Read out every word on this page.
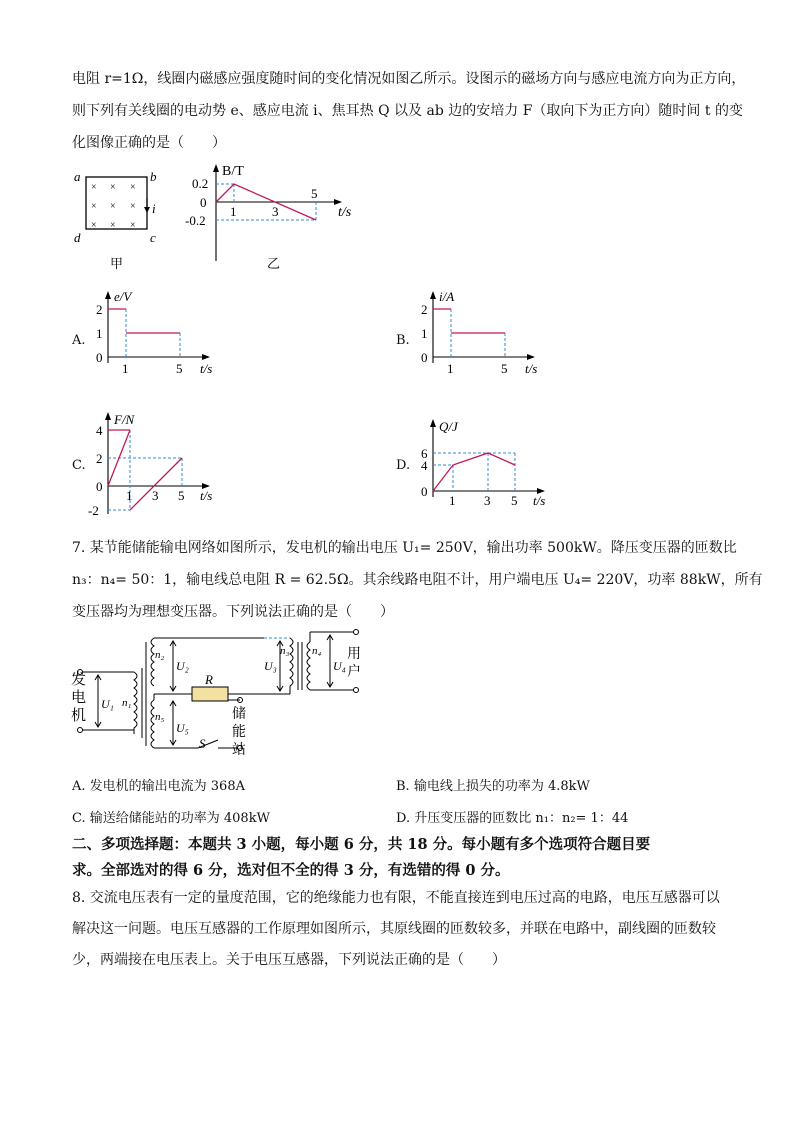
电阻 r=1Ω，线圈内磁感应强度随时间的变化情况如图乙所示。设图示的磁场方向与感应电流方向为正方向，
则下列有关线圈的电动势 e、感应电流 i、焦耳热 Q 以及 ab 边的安培力 F（取向下为正方向）随时间 t 的变
化图像正确的是（　　）
× × ×
× × ×
× × ×
a	b
c
d
i
甲
B/T
0.2
0
-0.2
1	3
5
t/s
乙
A.
e/V
2
1
0
1	5 t/s
B.
i/A
2
1
0
1	5 t/s
C.
F/N
4
2
0
-2
1 3 5 t/s
D.
Q/J
6
4
0
1 3 5 t/s
7. 某节能储能输电网络如图所示，发电机的输出电压 U₁= 250V，输出功率 500kW。降压变压器的匝数比
n₃：n₄= 50：1，输电线总电阻 R = 62.5Ω。其余线路电阻不计，用户端电压 U₄= 220V，功率 88kW，所有
变压器均为理想变压器。下列说法正确的是（　　）
R
S
发
电
机
用
户
储
能
站
n₁
n₂	n₃ n₄
n₅
U₁
U₂	U₃	U₄
U₅
A. 发电机的输出电流为 368A	B. 输电线上损失的功率为 4.8kW
C. 输送给储能站的功率为 408kW	D. 升压变压器的匝数比 n₁：n₂= 1：44
二、多项选择题：本题共 3 小题，每小题 6 分，共 18 分。每小题有多个选项符合题目要
求。全部选对的得 6 分，选对但不全的得 3 分，有选错的得 0 分。
8. 交流电压表有一定的量度范围，它的绝缘能力也有限，不能直接连到电压过高的电路，电压互感器可以
解决这一问题。电压互感器的工作原理如图所示，其原线圈的匝数较多，并联在电路中，副线圈的匝数较
少，两端接在电压表上。关于电压互感器，下列说法正确的是（　　）
